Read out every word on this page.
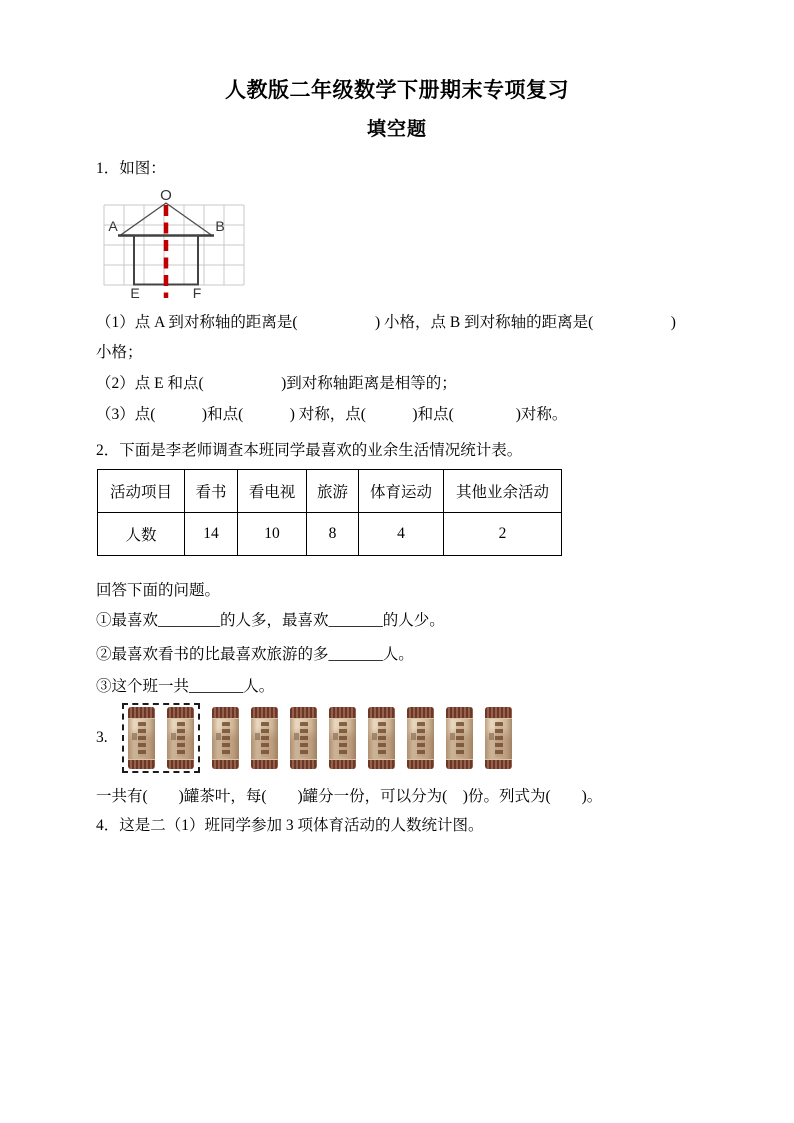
人教版二年级数学下册期末专项复习
填空题
1．如图：
O
A	B
E	F
（1）点 A 到对称轴的距离是(　　　　　) 小格，点 B 到对称轴的距离是(　　　　　)
小格；
（2）点 E 和点(　　　　　)到对称轴距离是相等的；
（3）点(　　　)和点(　　　) 对称，点(　　　)和点(　　　　)对称。
2．下面是李老师调查本班同学最喜欢的业余生活情况统计表。
活动项目	看书	看电视	旅游	体育运动	其他业余活动
人数	14	10	8	4	2
回答下面的问题。
①最喜欢________的人多，最喜欢_______的人少。
②最喜欢看书的比最喜欢旅游的多_______人。
③这个班一共_______人。
3.
一共有(　　)罐茶叶，每(　　)罐分一份，可以分为(　)份。列式为(　　)。
4．这是二（1）班同学参加 3 项体育活动的人数统计图。
